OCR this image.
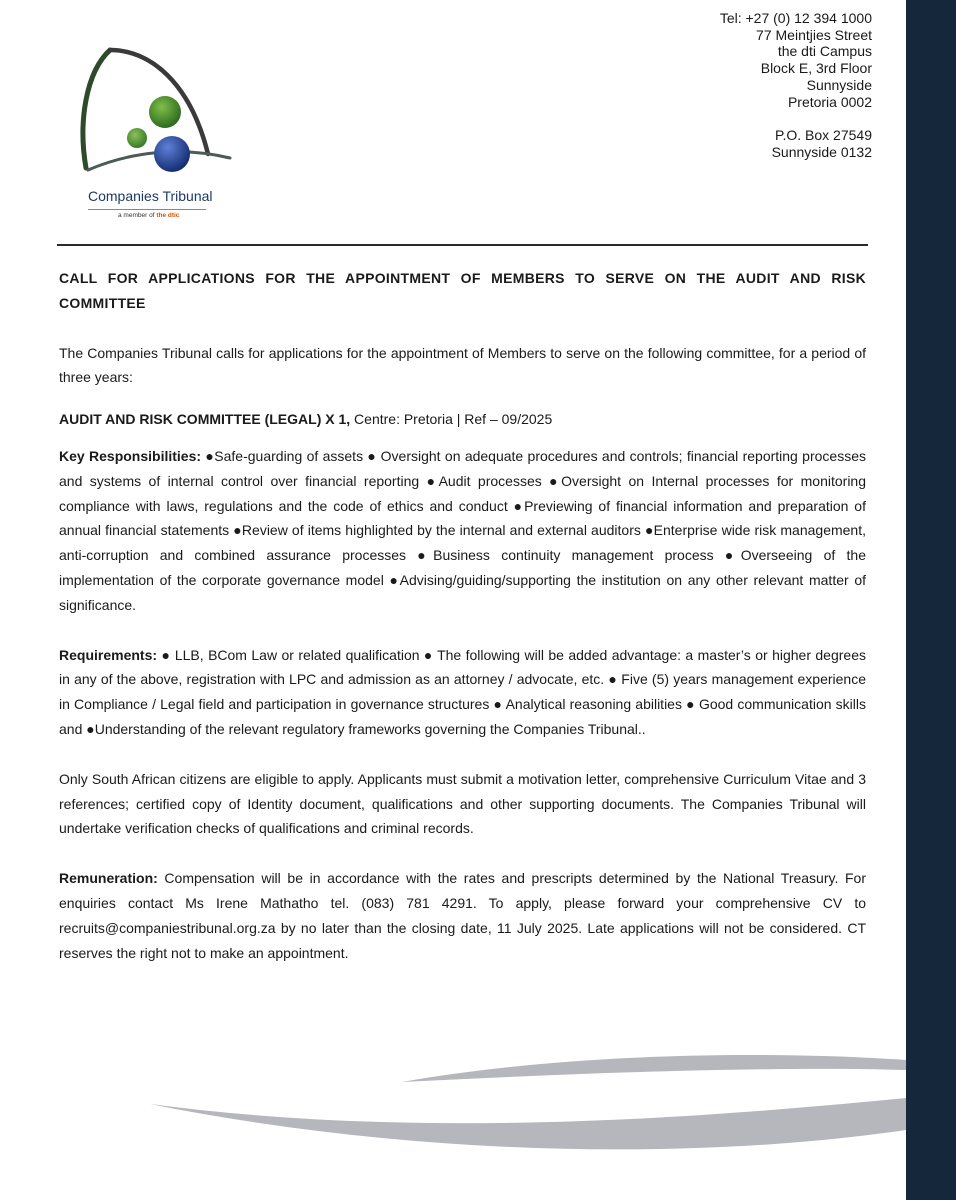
Companies Tribunal
a member of the dtic
Tel: +27 (0) 12 394 1000
77 Meintjies Street
the dti Campus
Block E, 3rd Floor
Sunnyside
Pretoria 0002
P.O. Box 27549
Sunnyside 0132

CALL FOR APPLICATIONS FOR THE APPOINTMENT OF MEMBERS TO SERVE ON THE AUDIT AND RISK COMMITTEE

The Companies Tribunal calls for applications for the appointment of Members to serve on the following committee, for a period of three years:

AUDIT AND RISK COMMITTEE (LEGAL) X 1, Centre: Pretoria | Ref – 09/2025

Key Responsibilities: ●Safe-guarding of assets ● Oversight on adequate procedures and controls; financial reporting processes and systems of internal control over financial reporting ●Audit processes ●Oversight on Internal processes for monitoring compliance with laws, regulations and the code of ethics and conduct ●Previewing of financial information and preparation of annual financial statements ●Review of items highlighted by the internal and external auditors ●Enterprise wide risk management, anti-corruption and combined assurance processes ●Business continuity management process ●Overseeing of the implementation of the corporate governance model ●Advising/guiding/supporting the institution on any other relevant matter of significance.

Requirements: ● LLB, BCom Law or related qualification ● The following will be added advantage: a master’s or higher degrees in any of the above, registration with LPC and admission as an attorney / advocate, etc. ● Five (5) years management experience in Compliance / Legal field and participation in governance structures ● Analytical reasoning abilities ● Good communication skills and ●Understanding of the relevant regulatory frameworks governing the Companies Tribunal..

Only South African citizens are eligible to apply. Applicants must submit a motivation letter, comprehensive Curriculum Vitae and 3 references; certified copy of Identity document, qualifications and other supporting documents. The Companies Tribunal will undertake verification checks of qualifications and criminal records.

Remuneration: Compensation will be in accordance with the rates and prescripts determined by the National Treasury. For enquiries contact Ms Irene Mathatho tel. (083) 781 4291. To apply, please forward your comprehensive CV to recruits@companiestribunal.org.za by no later than the closing date, 11 July 2025. Late applications will not be considered. CT reserves the right not to make an appointment.
